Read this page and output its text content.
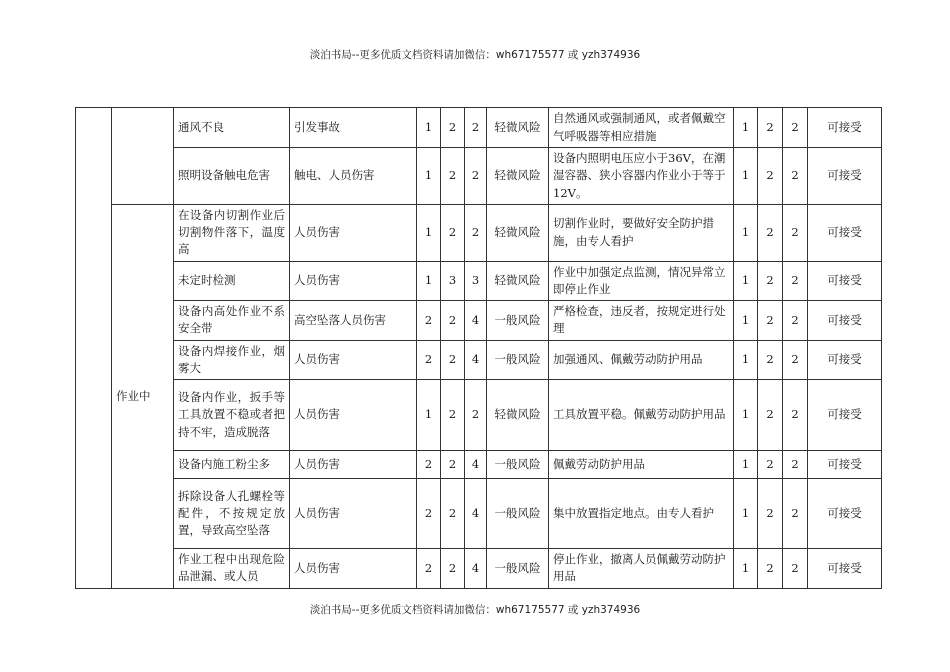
淡泊书局--更多优质文档资料请加微信：wh67175577 或 yzh374936
		通风不良	引发事故	1	2	2	轻微风险	自然通风或强制通风，或者佩戴空气呼吸器等相应措施	1	2	2	可接受
		照明设备触电危害	触电、人员伤害	1	2	2	轻微风险	设备内照明电压应小于36V，在潮湿容器、狭小容器内作业小于等于12V。	1	2	2	可接受
	作业中	在设备内切割作业后切割物件落下，温度高	人员伤害	1	2	2	轻微风险	切割作业时，要做好安全防护措施，由专人看护	1	2	2	可接受
		未定时检测	人员伤害	1	3	3	轻微风险	作业中加强定点监测，情况异常立即停止作业	1	2	2	可接受
		设备内高处作业不系安全带	高空坠落人员伤害	2	2	4	一般风险	严格检查，违反者，按规定进行处理	1	2	2	可接受
		设备内焊接作业，烟雾大	人员伤害	2	2	4	一般风险	加强通风、佩戴劳动防护用品	1	2	2	可接受
		设备内作业，扳手等工具放置不稳或者把持不牢，造成脱落	人员伤害	1	2	2	轻微风险	工具放置平稳。佩戴劳动防护用品	1	2	2	可接受
		设备内施工粉尘多	人员伤害	2	2	4	一般风险	佩戴劳动防护用品	1	2	2	可接受
		拆除设备人孔螺栓等配件，不按规定放置，导致高空坠落	人员伤害	2	2	4	一般风险	集中放置指定地点。由专人看护	1	2	2	可接受
		作业工程中出现危险品泄漏、或人员	人员伤害	2	2	4	一般风险	停止作业，撤离人员佩戴劳动防护用品	1	2	2	可接受
淡泊书局--更多优质文档资料请加微信：wh67175577 或 yzh374936
